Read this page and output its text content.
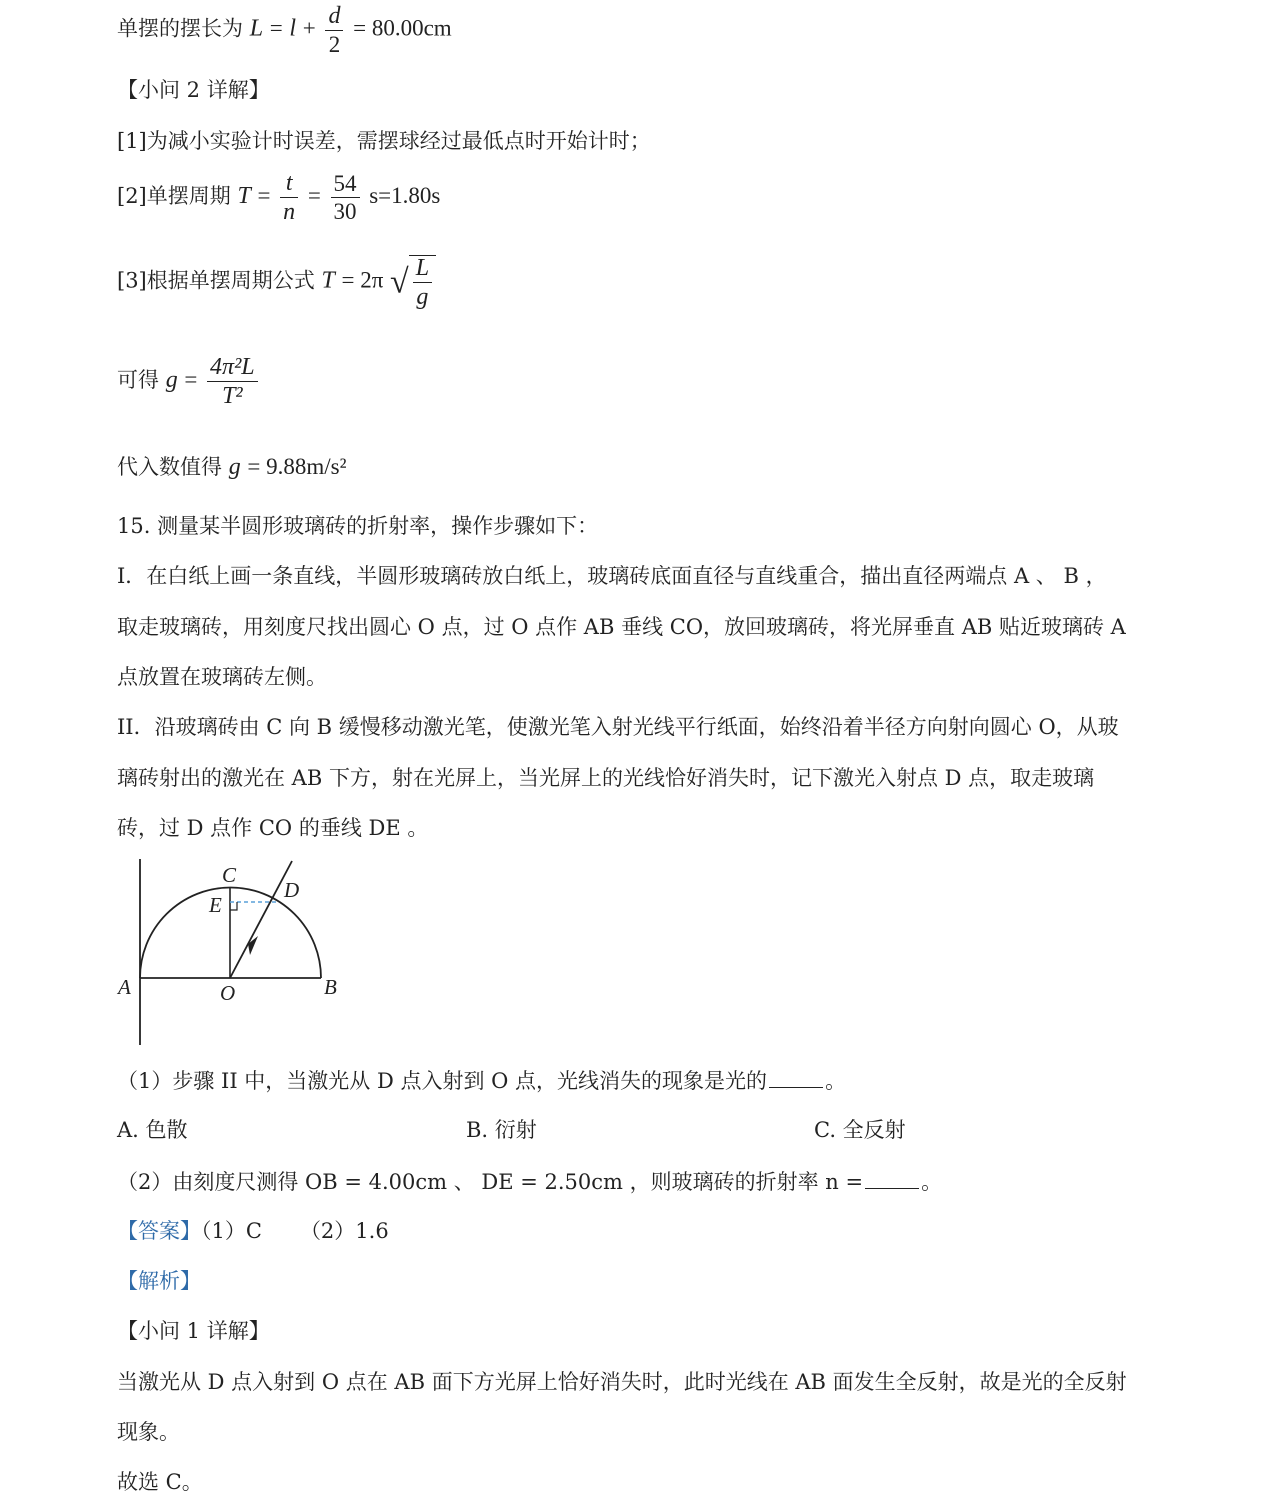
单摆的摆长为 $L = l + \frac{d}{2} = 80.00cm$
【小问 2 详解】
[1]为减小实验计时误差，需摆球经过最低点时开始计时；
[2]单摆周期 $T = \frac{t}{n} = \frac{54}{30} s=1.80s$
[3]根据单摆周期公式 T = 2π √ $\frac{L}{g}$
可得 $g = \frac{\text{4π²L}}{\text{T²}}$
代入数值得 g = 9.88m/s²
15. 测量某半圆形玻璃砖的折射率，操作步骤如下：
I．在白纸上画一条直线，半圆形玻璃砖放白纸上，玻璃砖底面直径与直线重合，描出直径两端点 A 、 B ，
取走玻璃砖，用刻度尺找出圆心 O 点，过 O 点作 AB 垂线 CO，放回玻璃砖，将光屏垂直 AB 贴近玻璃砖 A
点放置在玻璃砖左侧。
II．沿玻璃砖由 C 向 B 缓慢移动激光笔，使激光笔入射光线平行纸面，始终沿着半径方向射向圆心 O，从玻
璃砖射出的激光在 AB 下方，射在光屏上，当光屏上的光线恰好消失时，记下激光入射点 D 点，取走玻璃
砖，过 D 点作 CO 的垂线 DE 。
C
D
E
A	O	B
（1）步骤 II 中，当激光从 D 点入射到 O 点，光线消失的现象是光的	。
A. 色散	B. 衍射	C. 全反射
（2）由刻度尺测得 OB = 4.00cm 、 DE = 2.50cm ，则玻璃砖的折射率 n =	。
【答案】（1）C （2）1.6
【解析】
【小问 1 详解】
当激光从 D 点入射到 O 点在 AB 面下方光屏上恰好消失时，此时光线在 AB 面发生全反射，故是光的全反射
现象。
故选 C。
